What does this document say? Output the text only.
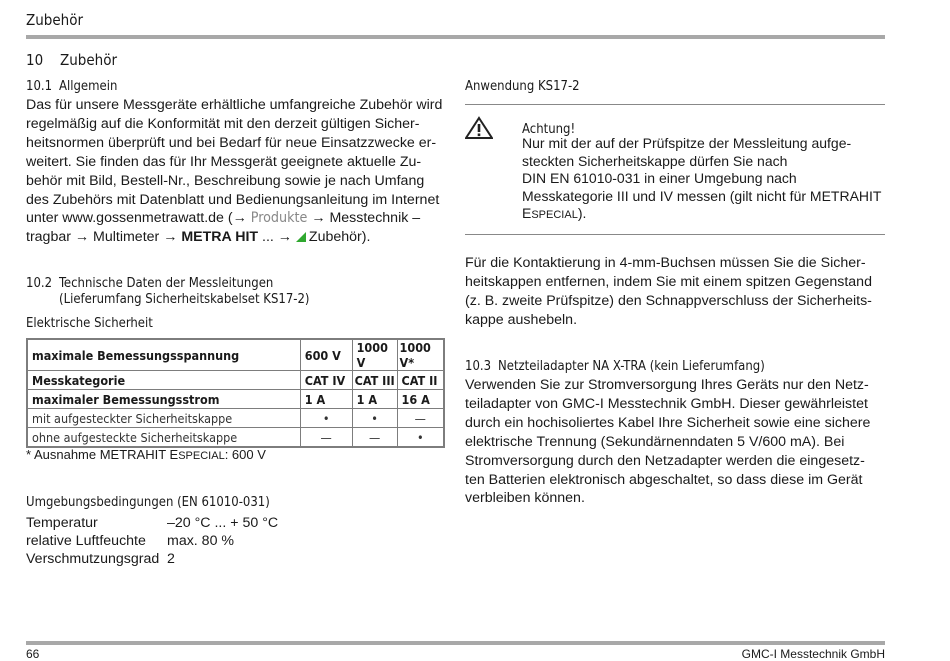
Zubehör
10 Zubehör
10.1 Allgemein
Das für unsere Messgeräte erhältliche umfangreiche Zubehör wird
regelmäßig auf die Konformität mit den derzeit gültigen Sicher-
heitsnormen überprüft und bei Bedarf für neue Einsatzzwecke er-
weitert. Sie finden das für Ihr Messgerät geeignete aktuelle Zu-
behör mit Bild, Bestell-Nr., Beschreibung sowie je nach Umfang
des Zubehörs mit Datenblatt und Bedienungsanleitung im Internet
unter www.gossenmetrawatt.de (→ Produkte → Messtechnik –
tragbar → Multimeter → METRA HIT ... → Zubehör).
10.2 Technische Daten der Messleitungen
(Lieferumfang Sicherheitskabelset KS17-2)
Elektrische Sicherheit
maximale Bemessungsspannung	600 V	1000 V	1000 V*
Messkategorie	CAT IV	CAT III	CAT II
maximaler Bemessungsstrom	1 A	1 A	16 A
mit aufgesteckter Sicherheitskappe	•	•	—
ohne aufgesteckte Sicherheitskappe	—	—	•
* Ausnahme METRAHIT ESPECIAL: 600 V
Umgebungsbedingungen (EN 61010-031)
Temperatur	–20 °C ... + 50 °C
relative Luftfeuchte max. 80 %
Verschmutzungsgrad 2
Anwendung KS17-2
Achtung!
Nur mit der auf der Prüfspitze der Messleitung aufge-
steckten Sicherheitskappe dürfen Sie nach
DIN EN 61010-031 in einer Umgebung nach
Messkategorie III und IV messen (gilt nicht für METRAHIT
ESPECIAL).
Für die Kontaktierung in 4-mm-Buchsen müssen Sie die Sicher-
heitskappen entfernen, indem Sie mit einem spitzen Gegenstand
(z. B. zweite Prüfspitze) den Schnappverschluss der Sicherheits-
kappe aushebeln.
10.3 Netzteiladapter NA X-TRA (kein Lieferumfang)
Verwenden Sie zur Stromversorgung Ihres Geräts nur den Netz-
teiladapter von GMC-I Messtechnik GmbH. Dieser gewährleistet
durch ein hochisoliertes Kabel Ihre Sicherheit sowie eine sichere
elektrische Trennung (Sekundärnenndaten 5 V/600 mA). Bei
Stromversorgung durch den Netzadapter werden die eingesetz-
ten Batterien elektronisch abgeschaltet, so dass diese im Gerät
verbleiben können.
66	GMC-I Messtechnik GmbH
